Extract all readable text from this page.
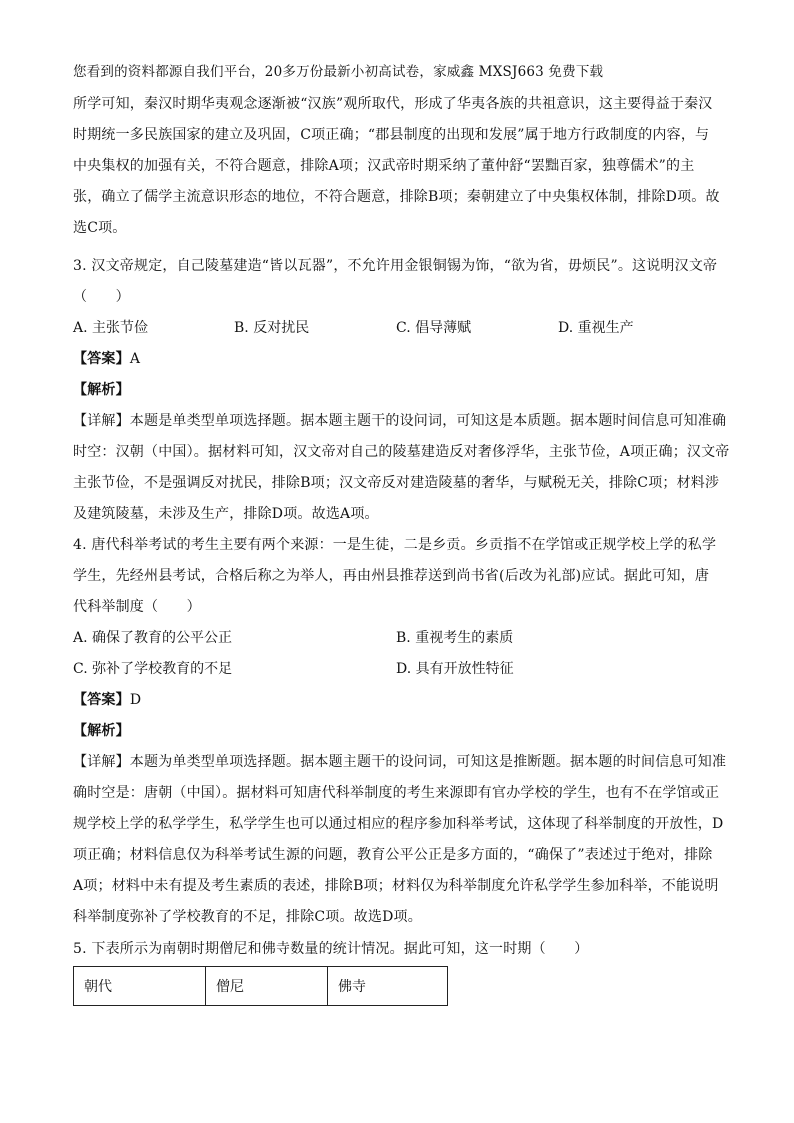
您看到的资料都源自我们平台，20多万份最新小初高试卷，家威鑫 MXSJ663 免费下载
所学可知，秦汉时期华夷观念逐渐被“汉族”观所取代，形成了华夷各族的共祖意识，这主要得益于秦汉
时期统一多民族国家的建立及巩固，C项正确；“郡县制度的出现和发展”属于地方行政制度的内容，与
中央集权的加强有关，不符合题意，排除A项；汉武帝时期采纳了董仲舒“罢黜百家，独尊儒术”的主
张，确立了儒学主流意识形态的地位，不符合题意，排除B项；秦朝建立了中央集权体制，排除D项。故
选C项。
3. 汉文帝规定，自己陵墓建造“皆以瓦器”，不允许用金银铜锡为饰，“欲为省，毋烦民”。这说明汉文帝
（　　）
A. 主张节俭	B. 反对扰民	C. 倡导薄赋	D. 重视生产
【答案】A
【解析】
【详解】本题是单类型单项选择题。据本题主题干的设问词，可知这是本质题。据本题时间信息可知准确
时空：汉朝（中国）。据材料可知，汉文帝对自己的陵墓建造反对奢侈浮华，主张节俭，A项正确；汉文帝
主张节俭，不是强调反对扰民，排除B项；汉文帝反对建造陵墓的奢华，与赋税无关，排除C项；材料涉
及建筑陵墓，未涉及生产，排除D项。故选A项。
4. 唐代科举考试的考生主要有两个来源：一是生徒，二是乡贡。乡贡指不在学馆或正规学校上学的私学
学生，先经州县考试，合格后称之为举人，再由州县推荐送到尚书省(后改为礼部)应试。据此可知，唐
代科举制度（　　）
A. 确保了教育的公平公正	B. 重视考生的素质
C. 弥补了学校教育的不足	D. 具有开放性特征
【答案】D
【解析】
【详解】本题为单类型单项选择题。据本题主题干的设问词，可知这是推断题。据本题的时间信息可知准
确时空是：唐朝（中国）。据材料可知唐代科举制度的考生来源即有官办学校的学生，也有不在学馆或正
规学校上学的私学学生，私学学生也可以通过相应的程序参加科举考试，这体现了科举制度的开放性，D
项正确；材料信息仅为科举考试生源的问题，教育公平公正是多方面的，“确保了”表述过于绝对，排除
A项；材料中未有提及考生素质的表述，排除B项；材料仅为科举制度允许私学学生参加科举，不能说明
科举制度弥补了学校教育的不足，排除C项。故选D项。
5. 下表所示为南朝时期僧尼和佛寺数量的统计情况。据此可知，这一时期（　　）
朝代	僧尼	佛寺
